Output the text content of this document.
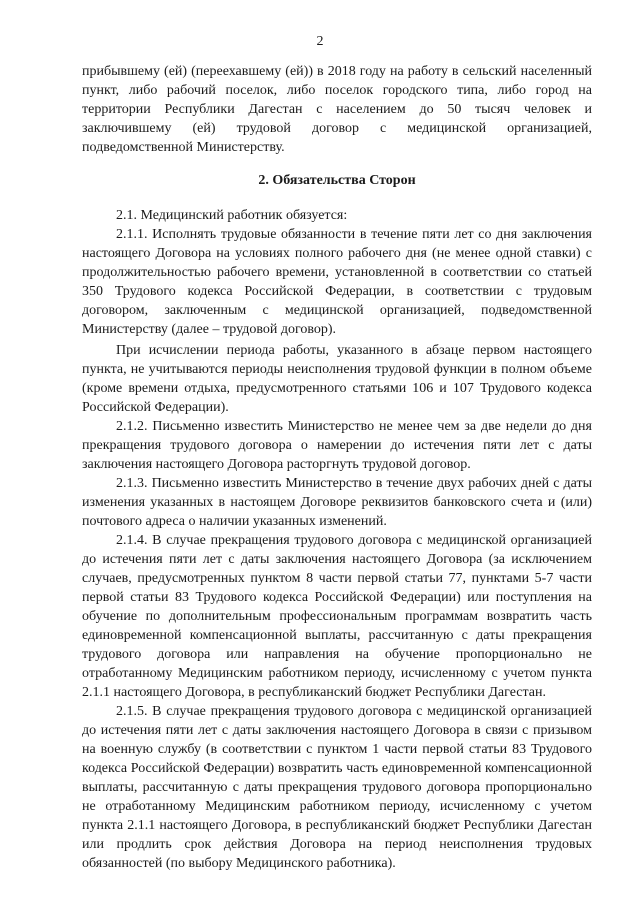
2

прибывшему (ей) (переехавшему (ей)) в 2018 году на работу в сельский населенный пункт, либо рабочий поселок, либо поселок городского типа, либо город на территории Республики Дагестан с населением до 50 тысяч человек и заключившему (ей) трудовой договор с медицинской организацией, подведомственной Министерству.

2. Обязательства Сторон

2.1. Медицинский работник обязуется:

2.1.1. Исполнять трудовые обязанности в течение пяти лет со дня заключения настоящего Договора на условиях полного рабочего дня (не менее одной ставки) с продолжительностью рабочего времени, установленной в соответствии со статьей 350 Трудового кодекса Российской Федерации, в соответствии с трудовым договором, заключенным с медицинской организацией, подведомственной Министерству (далее – трудовой договор).

При исчислении периода работы, указанного в абзаце первом настоящего пункта, не учитываются периоды неисполнения трудовой функции в полном объеме (кроме времени отдыха, предусмотренного статьями 106 и 107 Трудового кодекса Российской Федерации).

2.1.2. Письменно известить Министерство не менее чем за две недели до дня прекращения трудового договора о намерении до истечения пяти лет с даты заключения настоящего Договора расторгнуть трудовой договор.

2.1.3. Письменно известить Министерство в течение двух рабочих дней с даты изменения указанных в настоящем Договоре реквизитов банковского счета и (или) почтового адреса о наличии указанных изменений.

2.1.4. В случае прекращения трудового договора с медицинской организацией до истечения пяти лет с даты заключения настоящего Договора (за исключением случаев, предусмотренных пунктом 8 части первой статьи 77, пунктами 5-7 части первой статьи 83 Трудового кодекса Российской Федерации) или поступления на обучение по дополнительным профессиональным программам возвратить часть единовременной компенсационной выплаты, рассчитанную с даты прекращения трудового договора или направления на обучение пропорционально не отработанному Медицинским работником периоду, исчисленному с учетом пункта 2.1.1 настоящего Договора, в республиканский бюджет Республики Дагестан.

2.1.5. В случае прекращения трудового договора с медицинской организацией до истечения пяти лет с даты заключения настоящего Договора в связи с призывом на военную службу (в соответствии с пунктом 1 части первой статьи 83 Трудового кодекса Российской Федерации) возвратить часть единовременной компенсационной выплаты, рассчитанную с даты прекращения трудового договора пропорционально не отработанному Медицинским работником периоду, исчисленному с учетом пункта 2.1.1 настоящего Договора, в республиканский бюджет Республики Дагестан или продлить срок действия Договора на период неисполнения трудовых обязанностей (по выбору Медицинского работника).
